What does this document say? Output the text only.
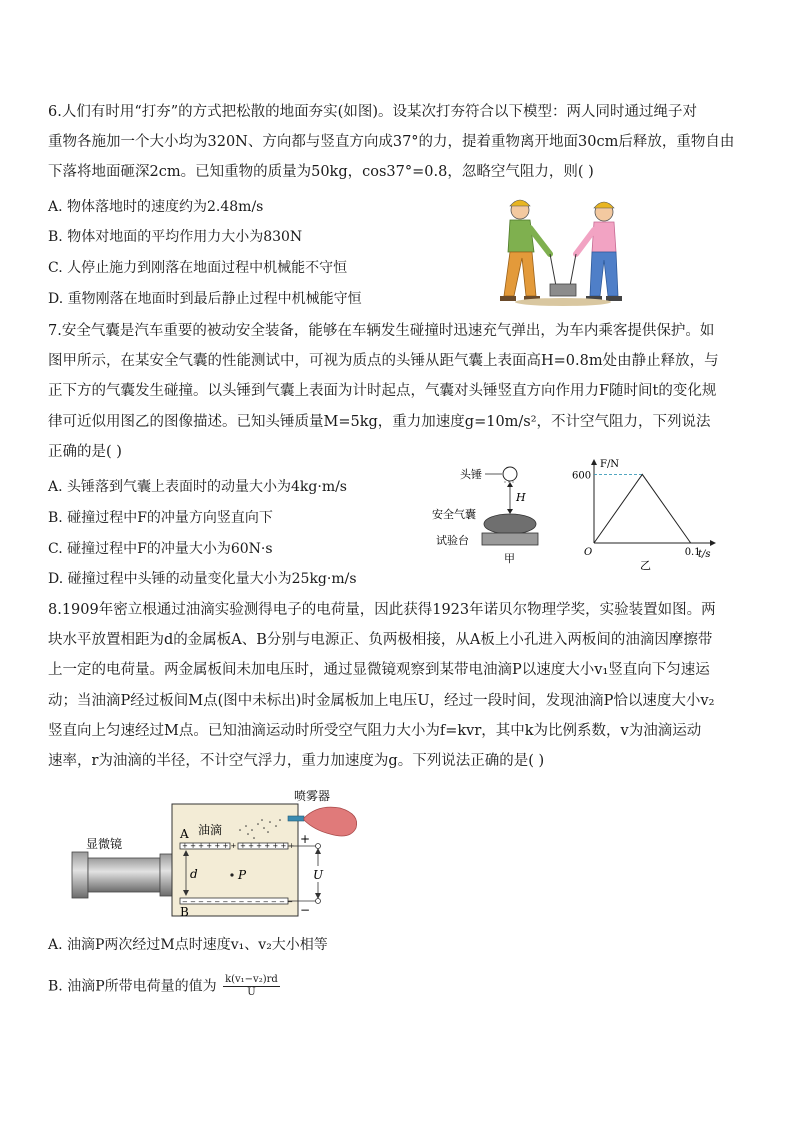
6.人们有时用“打夯”的方式把松散的地面夯实(如图)。设某次打夯符合以下模型：两人同时通过绳子对
重物各施加一个大小均为320N、方向都与竖直方向成37°的力，提着重物离开地面30cm后释放，重物自由
下落将地面砸深2cm。已知重物的质量为50kg，cos37°=0.8，忽略空气阻力，则( )
A. 物体落地时的速度约为2.48m/s
B. 物体对地面的平均作用力大小为830N
C. 人停止施力到刚落在地面过程中机械能不守恒
D. 重物刚落在地面时到最后静止过程中机械能守恒
7.安全气囊是汽车重要的被动安全装备，能够在车辆发生碰撞时迅速充气弹出，为车内乘客提供保护。如
图甲所示，在某安全气囊的性能测试中，可视为质点的头锤从距气囊上表面高H=0.8m处由静止释放，与
正下方的气囊发生碰撞。以头锤到气囊上表面为计时起点，气囊对头锤竖直方向作用力F随时间t的变化规
律可近似用图乙的图像描述。已知头锤质量M=5kg，重力加速度g=10m/s²，不计空气阻力，下列说法
正确的是( )
A. 头锤落到气囊上表面时的动量大小为4kg·m/s
B. 碰撞过程中F的冲量方向竖直向下
C. 碰撞过程中F的冲量大小为60N·s
D. 碰撞过程中头锤的动量变化量大小为25kg·m/s
头锤
H
安全气囊
试验台
甲
F/N
t/s
O
600
0.1
乙
8.1909年密立根通过油滴实验测得电子的电荷量，因此获得1923年诺贝尔物理学奖，实验装置如图。两
块水平放置相距为d的金属板A、B分别与电源正、负两极相接，从A板上小孔进入两板间的油滴因摩擦带
上一定的电荷量。两金属板间未加电压时，通过显微镜观察到某带电油滴P以速度大小v₁竖直向下匀速运
动；当油滴P经过板间M点(图中未标出)时金属板加上电压U，经过一段时间，发现油滴P恰以速度大小v₂
竖直向上匀速经过M点。已知油滴运动时所受空气阻力大小为f=kvr，其中k为比例系数，v为油滴运动
速率，r为油滴的半径，不计空气浮力，重力加速度为g。下列说法正确的是( )
喷雾器
显微镜
A
+ + + + + + + + + + + + + +
− − − − − − − − − − − − − −
B
油滴
d	P
+
−
U
A. 油滴P两次经过M点时速度v₁、v₂大小相等
B. 油滴P所带电荷量的值为 $\frac{\text{k(v₁−v₂)rd}}{U}$
